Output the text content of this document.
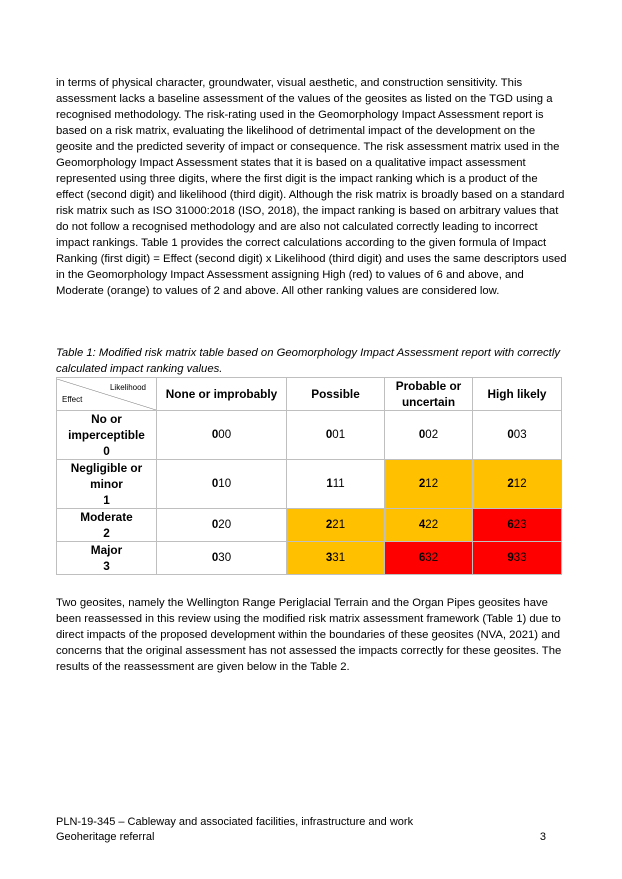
in terms of physical character, groundwater, visual aesthetic, and construction sensitivity. This assessment lacks a baseline assessment of the values of the geosites as listed on the TGD using a recognised methodology. The risk-rating used in the Geomorphology Impact Assessment report is based on a risk matrix, evaluating the likelihood of detrimental impact of the development on the geosite and the predicted severity of impact or consequence. The risk assessment matrix used in the Geomorphology Impact Assessment states that it is based on a qualitative impact assessment represented using three digits, where the first digit is the impact ranking which is a product of the effect (second digit) and likelihood (third digit). Although the risk matrix is broadly based on a standard risk matrix such as ISO 31000:2018 (ISO, 2018), the impact ranking is based on arbitrary values that do not follow a recognised methodology and are also not calculated correctly leading to incorrect impact rankings. Table 1 provides the correct calculations according to the given formula of Impact Ranking (first digit) = Effect (second digit) x Likelihood (third digit) and uses the same descriptors used in the Geomorphology Impact Assessment assigning High (red) to values of 6 and above, and Moderate (orange) to values of 2 and above. All other ranking values are considered low.

Table 1: Modified risk matrix table based on Geomorphology Impact Assessment report with correctly calculated impact ranking values.

Likelihood
Effect	None or improbably	Possible	Probable or uncertain	High likely

No or imperceptible
0	000	001	002	003

Negligible or minor
1	010	111	212	212

Moderate
2	020	221	422	623

Major
3	030	331	632	933

Two geosites, namely the Wellington Range Periglacial Terrain and the Organ Pipes geosites have been reassessed in this review using the modified risk matrix assessment framework (Table 1) due to direct impacts of the proposed development within the boundaries of these geosites (NVA, 2021) and concerns that the original assessment has not assessed the impacts correctly for these geosites. The results of the reassessment are given below in the Table 2.

PLN-19-345 – Cableway and associated facilities, infrastructure and work
Geoheritage referral	3
